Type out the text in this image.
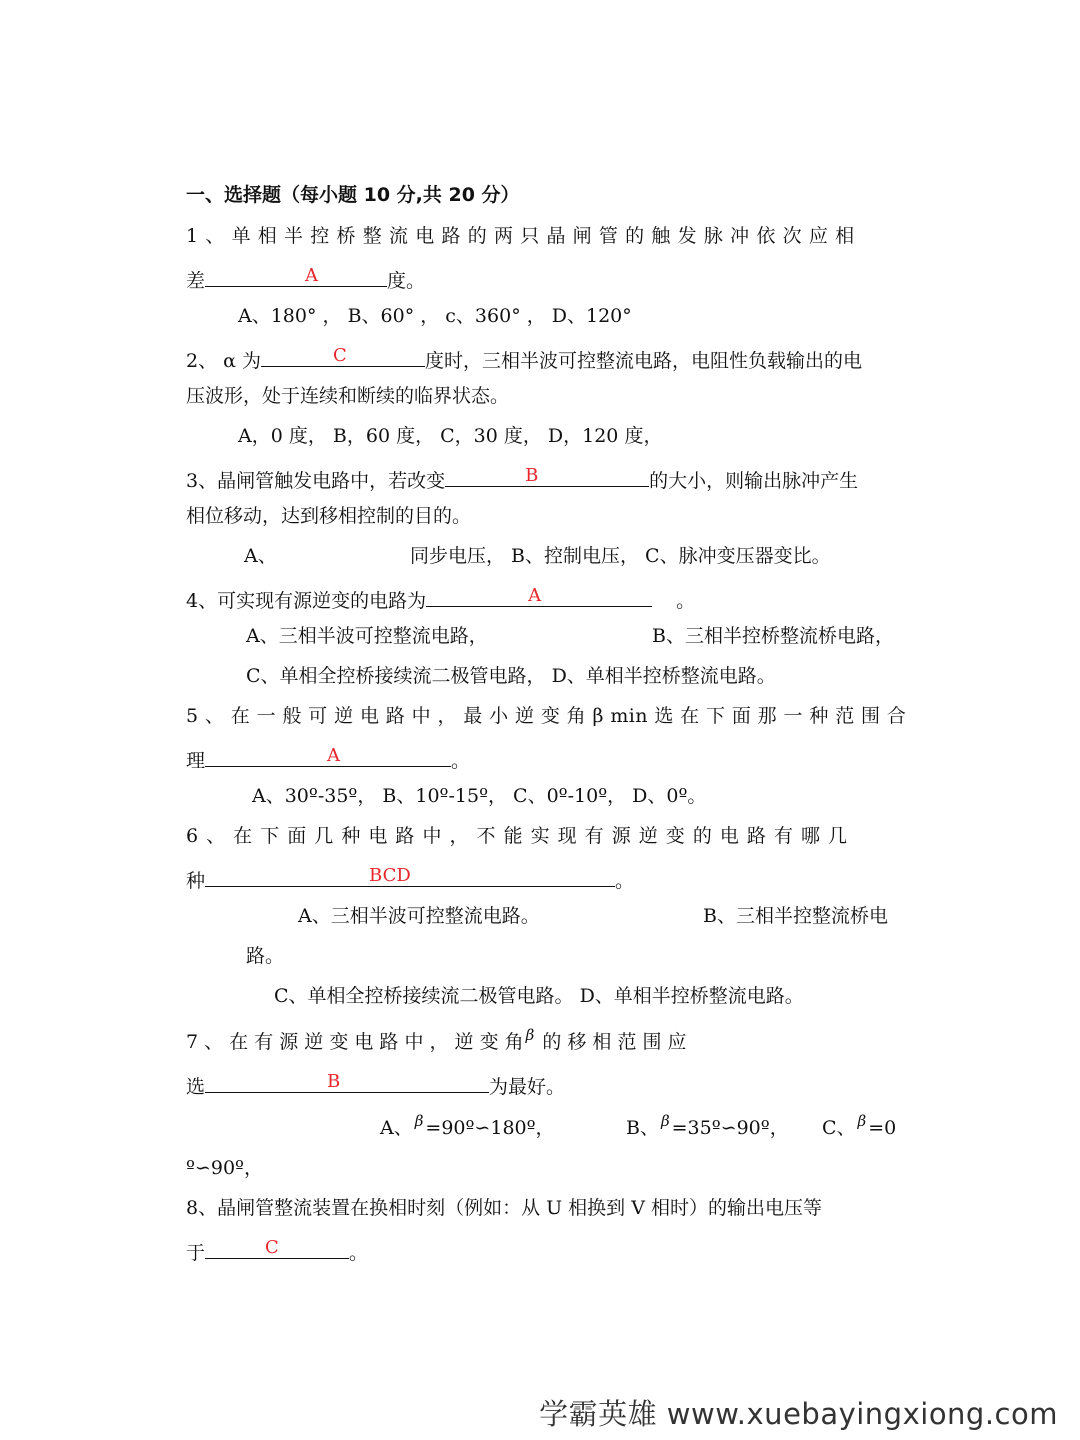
一、选择题（每小题 10 分,共 20 分）
1 、 单 相 半 控 桥 整 流 电 路 的 两 只 晶 闸 管 的 触 发 脉 冲 依 次 应 相
差	A	度。
A、180° ， B、60° ， c、360° ， D、120°
2、 α 为	C	度时，三相半波可控整流电路，电阻性负载输出的电
压波形，处于连续和断续的临界状态。
A，0 度， B，60 度， C，30 度， D，120 度，
3、晶闸管触发电路中，若改变	B	的大小，则输出脉冲产生
相位移动，达到移相控制的目的。
A、	同步电压， B、控制电压， C、脉冲变压器变比。
4、可实现有源逆变的电路为	A	。
A、三相半波可控整流电路，	B、三相半控桥整流桥电路，
C、单相全控桥接续流二极管电路， D、单相半控桥整流电路。
5 、 在 一 般 可 逆 电 路 中 ， 最 小 逆 变 角 β min 选 在 下 面 那 一 种 范 围 合
理	A	。
A、30º-35º， B、10º-15º， C、0º-10º， D、0º。
6 、 在 下 面 几 种 电 路 中 ， 不 能 实 现 有 源 逆 变 的 电 路 有 哪 几
种	BCD	。
A、三相半波可控整流电路。	B、三相半控整流桥电
路。
C、单相全控桥接续流二极管电路。 D、单相半控桥整流电路。
7 、 在 有 源 逆 变 电 路 中 ， 逆 变 角 $^\beta$ 的 移 相 范 围 应
选	B	为最好。
A、 $^\beta$ =90º∽180º，	B、 $^\beta$ =35º∽90º， C、 $^\beta$ =0
º∽90º，
8、晶闸管整流装置在换相时刻（例如：从 U 相换到 V 相时）的输出电压等
于	C	。
学霸英雄 www.xuebayingxiong.com
